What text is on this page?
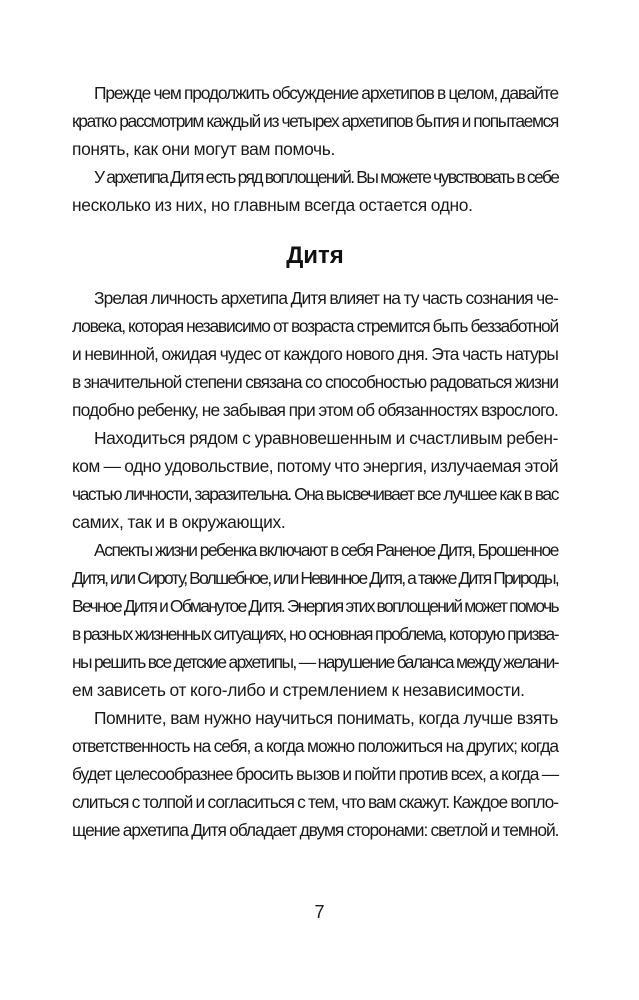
Прежде чем продолжить обсуждение архетипов в целом, давайте
кратко рассмотрим каждый из четырех архетипов бытия и попытаемся
понять, как они могут вам помочь.
У архетипа Дитя есть ряд воплощений. Вы можете чувствовать в себе
несколько из них, но главным всегда остается одно.
Дитя
Зрелая личность архетипа Дитя влияет на ту часть сознания че-
ловека, которая независимо от возраста стремится быть беззаботной
и невинной, ожидая чудес от каждого нового дня. Эта часть натуры
в значительной степени связана со способностью радоваться жизни
подобно ребенку, не забывая при этом об обязанностях взрослого.
Находиться рядом с уравновешенным и счастливым ребен-
ком — одно удовольствие, потому что энергия, излучаемая этой
частью личности, заразительна. Она высвечивает все лучшее как в вас
самих, так и в окружающих.
Аспекты жизни ребенка включают в себя Раненое Дитя, Брошенное
Дитя, или Сироту, Волшебное, или Невинное Дитя, а также Дитя Природы,
Вечное Дитя и Обманутое Дитя. Энергия этих воплощений может помочь
в разных жизненных ситуациях, но основная проблема, которую призва-
ны решить все детские архетипы, — нарушение баланса между желани-
ем зависеть от кого-либо и стремлением к независимости.
Помните, вам нужно научиться понимать, когда лучше взять
ответственность на себя, а когда можно положиться на других; когда
будет целесообразнее бросить вызов и пойти против всех, а когда —
слиться с толпой и согласиться с тем, что вам скажут. Каждое вопло-
щение архетипа Дитя обладает двумя сторонами: светлой и темной.
7
